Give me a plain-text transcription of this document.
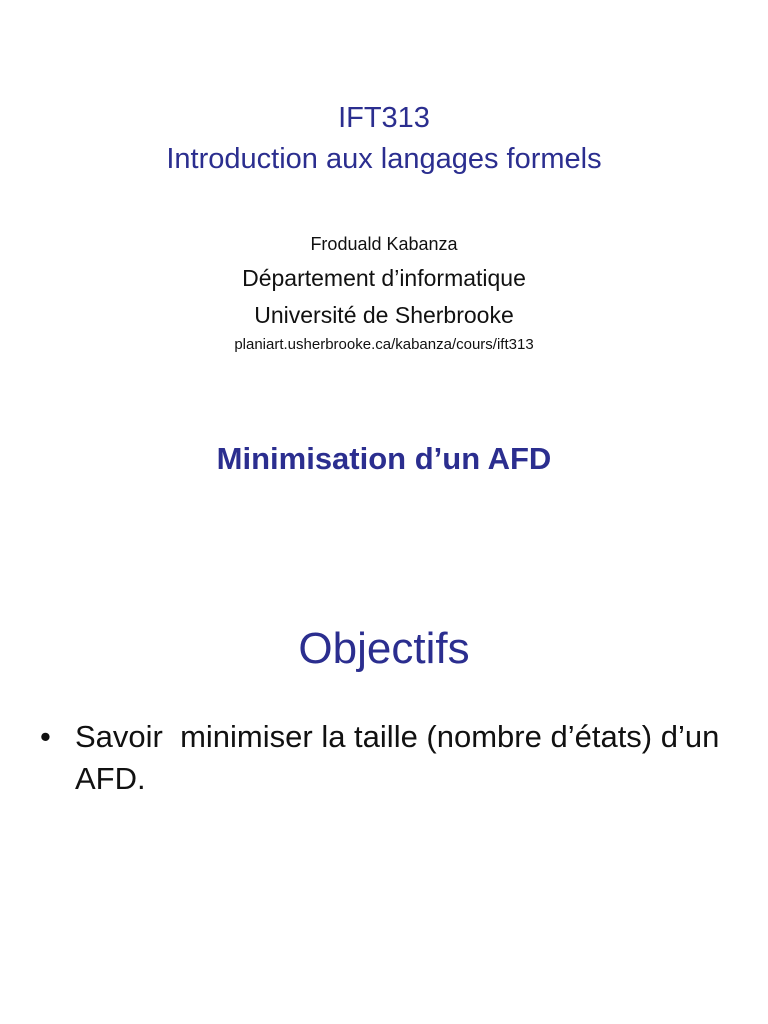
IFT313
Introduction aux langages formels
Froduald Kabanza
Département d’informatique
Université de Sherbrooke
planiart.usherbrooke.ca/kabanza/cours/ift313
Minimisation d’un AFD
Objectifs
• Savoir  minimiser la taille (nombre d’états) d’un AFD.
